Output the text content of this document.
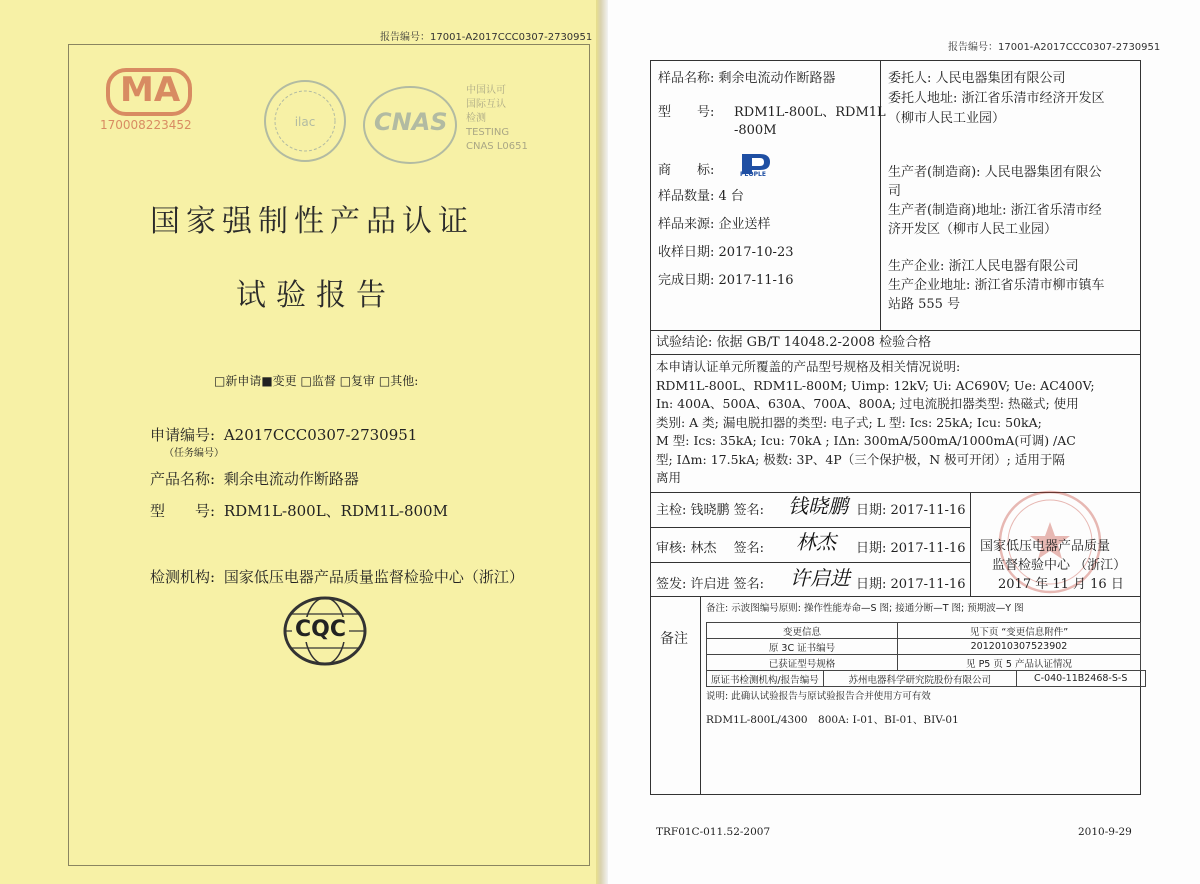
报告编号：17001-A2017CCC0307-2730951
MA
170008223452	ilac CNAS
中国认可
国际互认
检测
TESTING
CNAS L0651
国家强制性产品认证
试验报告
□新申请■变更 □监督 □复审 □其他:
申请编号: A2017CCC0307-2730951
（任务编号）
产品名称: 剩余电流动作断路器
型　　号: RDM1L-800L、RDM1L-800M
检测机构: 国家低压电器产品质量监督检验中心（浙江）
CQC
报告编号：17001-A2017CCC0307-2730951
样品名称: 剩余电流动作断路器
型　　号: RDM1L-800L、RDM1L
-800M
商　　标:	PEOPLE
样品数量: 4 台
样品来源: 企业送样
收样日期: 2017-10-23
完成日期: 2017-11-16
委托人: 人民电器集团有限公司
委托人地址: 浙江省乐清市经济开发区
（柳市人民工业园）
生产者(制造商): 人民电器集团有限公
司
生产者(制造商)地址: 浙江省乐清市经
济开发区（柳市人民工业园）
生产企业: 浙江人民电器有限公司
生产企业地址: 浙江省乐清市柳市镇车
站路 555 号
试验结论: 依据 GB/T 14048.2-2008 检验合格
本申请认证单元所覆盖的产品型号规格及相关情况说明:
RDM1L-800L、RDM1L-800M; Uimp: 12kV; Ui: AC690V; Ue: AC400V;
In: 400A、500A、630A、700A、800A; 过电流脱扣器类型: 热磁式; 使用
类别: A 类; 漏电脱扣器的类型: 电子式; L 型: Ics: 25kA; Icu: 50kA;
M 型: Ics: 35kA; Icu: 70kA ; IΔn: 300mA/500mA/1000mA(可调) /AC
型; IΔm: 17.5kA; 极数: 3P、4P（三个保护极，N 极可开闭）; 适用于隔
离用
主检: 钱晓鹏 签名: 钱晓鹏 日期: 2017-11-16
审核: 林杰　 签名: 林杰 日期: 2017-11-16
签发: 许启进 签名: 许启进 日期: 2017-11-16
国家低压电器产品质量
监督检验中心 （浙江）
2017 年 11 月 16 日
备注
备注: 示波图编号原则: 操作性能寿命—S 图; 接通分断—T 图; 预期波—Y 图
变更信息	见下页 “变更信息附件”
原 3C 证书编号	2012010307523902
已获证型号规格	见 P5 页 5 产品认证情况
原证书检测机构/报告编号	苏州电器科学研究院股份有限公司	C-040-11B2468-S-S
说明: 此确认试验报告与原试验报告合并使用方可有效
RDM1L-800L/4300　800A: I-01、BI-01、BIV-01
TRF01C-011.52-2007	2010-9-29
